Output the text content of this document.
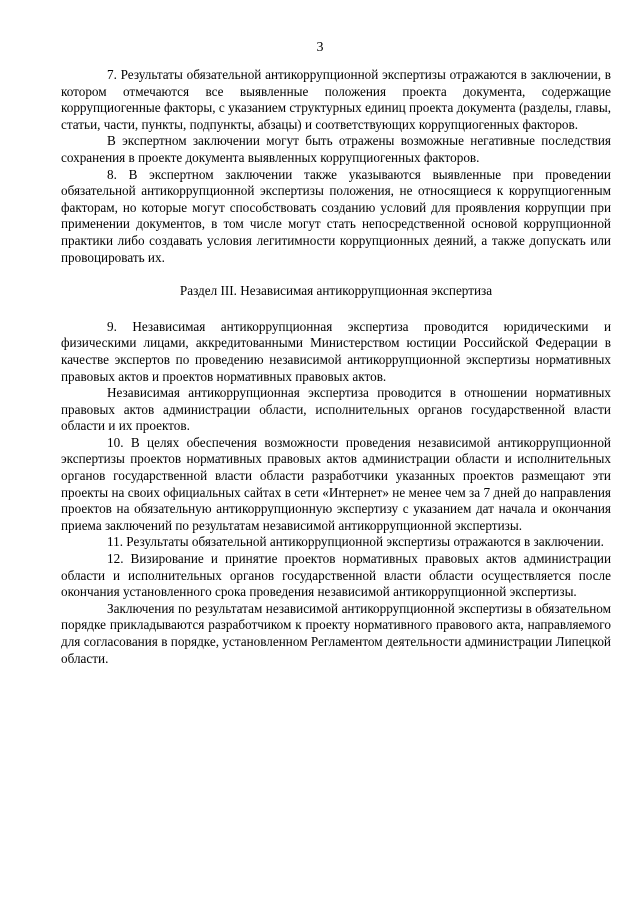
3

7. Результаты обязательной антикоррупционной экспертизы отражаются в заключении, в котором отмечаются все выявленные положения проекта документа, содержащие коррупциогенные факторы, с указанием структурных единиц проекта документа (разделы, главы, статьи, части, пункты, подпункты, абзацы) и соответствующих коррупциогенных факторов.

В экспертном заключении могут быть отражены возможные негативные последствия сохранения в проекте документа выявленных коррупциогенных факторов.

8. В экспертном заключении также указываются выявленные при проведении

обязательной антикоррупционной экспертизы положения, не относящиеся к коррупциогенным факторам, но которые могут способствовать созданию условий для проявления коррупции при применении документов, в том числе могут стать непосредственной основой коррупционной практики либо создавать условия легитимности коррупционных деяний, а также допускать или провоцировать их.

Раздел III. Независимая антикоррупционная экспертиза

9. Независимая антикоррупционная экспертиза проводится юридическими и физическими лицами, аккредитованными Министерством юстиции Российской Федерации в качестве экспертов по проведению независимой антикоррупционной экспертизы нормативных правовых актов и проектов нормативных правовых актов.

Независимая антикоррупционная экспертиза проводится в отношении нормативных правовых актов администрации области, исполнительных органов государственной власти области и их проектов.

10. В целях обеспечения возможности проведения независимой антикоррупционной экспертизы проектов нормативных правовых актов администрации области и исполнительных органов государственной власти области разработчики указанных проектов размещают эти проекты на своих официальных сайтах в сети «Интернет» не менее чем за 7 дней до направления проектов на обязательную антикоррупционную экспертизу с указанием дат начала и окончания приема заключений по результатам независимой антикоррупционной экспертизы.

11. Результаты обязательной антикоррупционной экспертизы отражаются в заключении.

12. Визирование и принятие проектов нормативных правовых актов администрации области и исполнительных органов государственной власти области осуществляется после окончания установленного срока проведения независимой антикоррупционной экспертизы.

Заключения по результатам независимой антикоррупционной экспертизы в обязательном порядке прикладываются разработчиком к проекту нормативного правового акта, направляемого для согласования в порядке, установленном Регламентом деятельности администрации Липецкой области.
